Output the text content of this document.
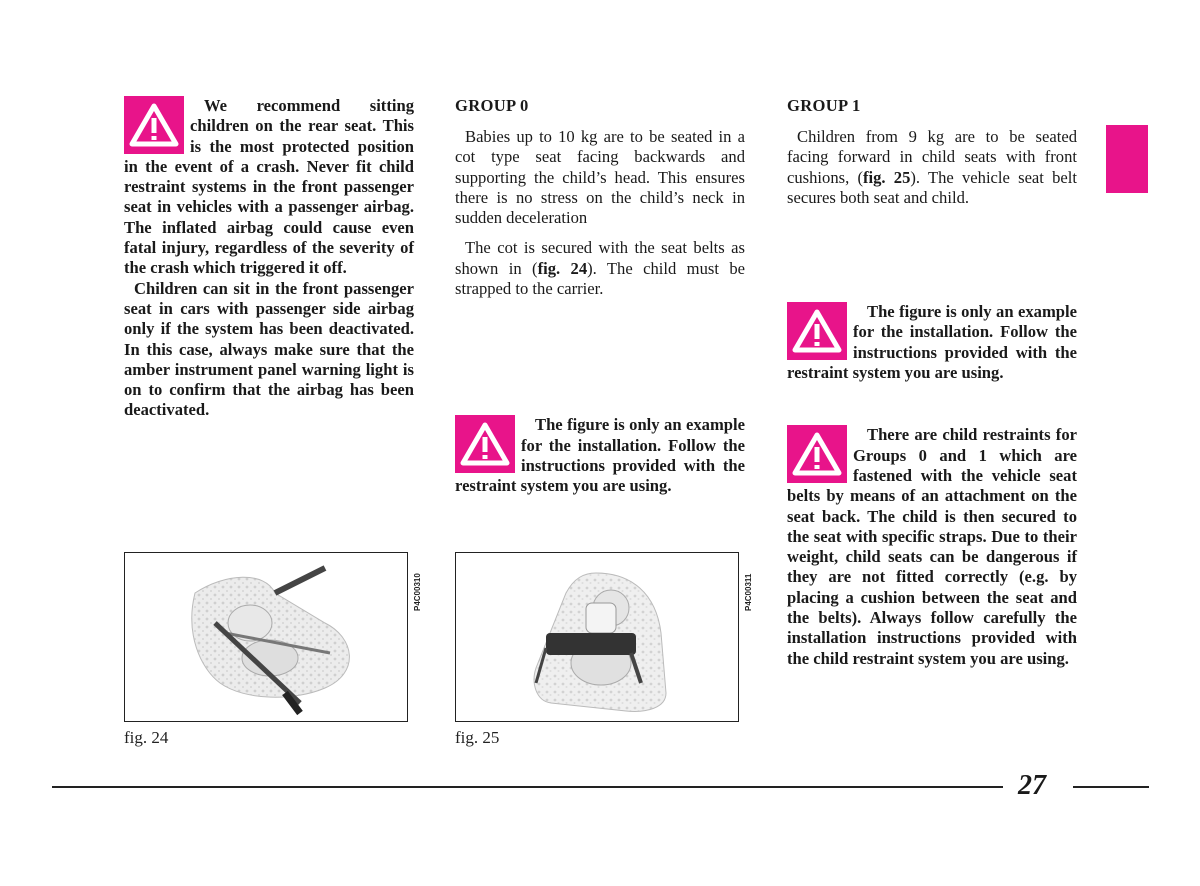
We recommend sitting children on the rear seat. This is the most protected position in the event of a crash. Never fit child restraint systems in the front passenger seat in vehicles with a passenger airbag. The inflated airbag could cause even fatal injury, regardless of the severity of the crash which triggered it off.

Children can sit in the front passenger seat in cars with passenger side airbag only if the system has been deactivated. In this case, always make sure that the amber instrument panel warning light is on to confirm that the airbag has been deactivated.

GROUP 0

Babies up to 10 kg are to be seated in a cot type seat facing backwards and supporting the child’s head. This ensures there is no stress on the child’s neck in sudden deceleration

The cot is secured with the seat belts as shown in (fig. 24). The child must be strapped to the carrier.

The figure is only an example for the installation. Follow the instructions provided with the restraint system you are using.

GROUP 1

Children from 9 kg are to be seated facing forward in child seats with front cushions, (fig. 25). The vehicle seat belt secures both seat and child.

The figure is only an example for the installation. Follow the instructions provided with the restraint system you are using.

There are child restraints for Groups 0 and 1 which are fastened with the vehicle seat belts by means of an attachment on the seat back. The child is then secured to the seat with specific straps. Due to their weight, child seats can be dangerous if they are not fitted correctly (e.g. by placing a cushion between the seat and the belts). Always follow carefully the installation instructions provided with the child restraint system you are using.

P4C00310
fig. 24
P4C00311
fig. 25
27
